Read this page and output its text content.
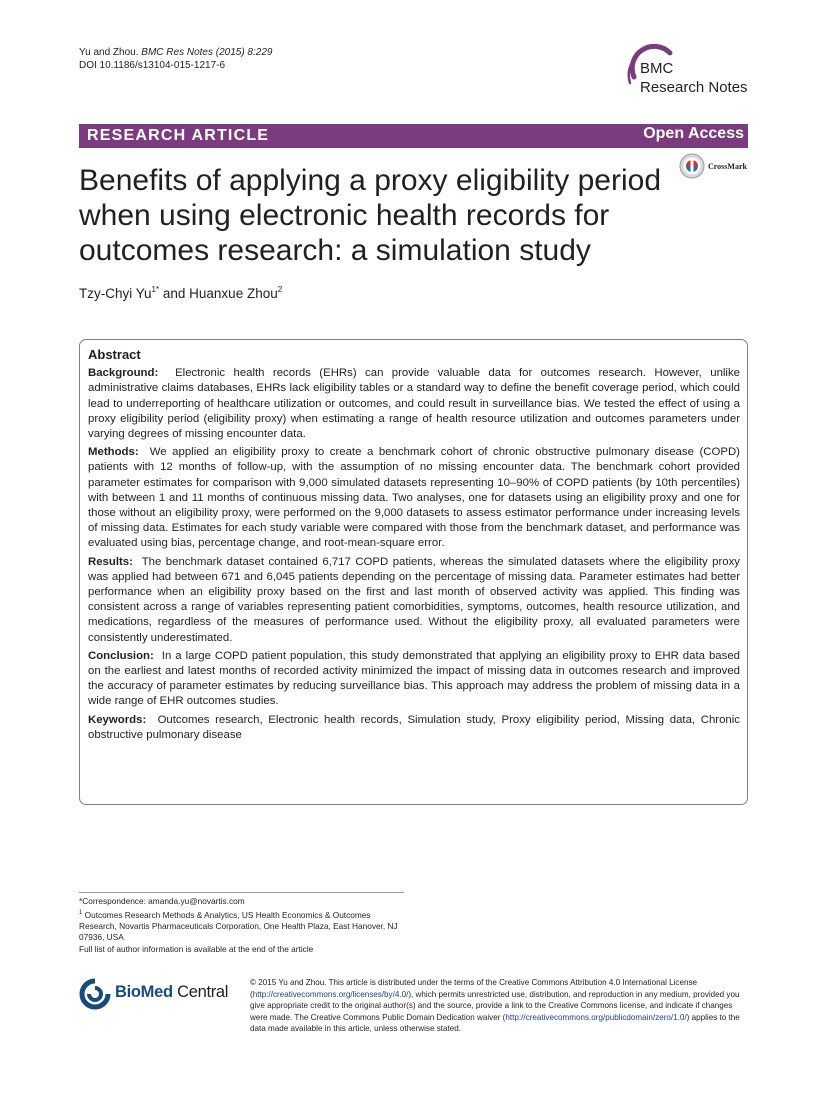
Yu and Zhou. BMC Res Notes (2015) 8:229
DOI 10.1186/s13104-015-1217-6	BMC
Research Notes
RESEARCH ARTICLE	Open Access
CrossMark
Benefits of applying a proxy eligibility period when using electronic health records for outcomes research: a simulation study
Tzy-Chyi $Yu^{1*}$ and Huanxue Zhou$^2$
Abstract

Background: Electronic health records (EHRs) can provide valuable data for outcomes research. However, unlike administrative claims databases, EHRs lack eligibility tables or a standard way to define the benefit coverage period, which could lead to underreporting of healthcare utilization or outcomes, and could result in surveillance bias. We tested the effect of using a proxy eligibility period (eligibility proxy) when estimating a range of health resource utilization and outcomes parameters under varying degrees of missing encounter data.

Methods: We applied an eligibility proxy to create a benchmark cohort of chronic obstructive pulmonary disease (COPD) patients with 12 months of follow-up, with the assumption of no missing encounter data. The benchmark cohort provided parameter estimates for comparison with 9,000 simulated datasets representing 10–90% of COPD patients (by 10th percentiles) with between 1 and 11 months of continuous missing data. Two analyses, one for datasets using an eligibility proxy and one for those without an eligibility proxy, were performed on the 9,000 datasets to assess estimator performance under increasing levels of missing data. Estimates for each study variable were compared with those from the benchmark dataset, and performance was evaluated using bias, percentage change, and root-mean-square error.

Results: The benchmark dataset contained 6,717 COPD patients, whereas the simulated datasets where the eligibility proxy was applied had between 671 and 6,045 patients depending on the percentage of missing data. Parameter estimates had better performance when an eligibility proxy based on the first and last month of observed activity was applied. This finding was consistent across a range of variables representing patient comorbidities, symptoms, outcomes, health resource utilization, and medications, regardless of the measures of performance used. Without the eligibility proxy, all evaluated parameters were consistently underestimated.

Conclusion: In a large COPD patient population, this study demonstrated that applying an eligibility proxy to EHR data based on the earliest and latest months of recorded activity minimized the impact of missing data in outcomes research and improved the accuracy of parameter estimates by reducing surveillance bias. This approach may address the problem of missing data in a wide range of EHR outcomes studies.

Keywords: Outcomes research, Electronic health records, Simulation study, Proxy eligibility period, Missing data, Chronic obstructive pulmonary disease

*Correspondence: amanda.yu@novartis.com
$^1$ Outcomes Research Methods & Analytics, US Health Economics & Outcomes Research, Novartis Pharmaceuticals Corporation, One Health Plaza, East Hanover, NJ 07936, USA
Full list of author information is available at the end of the article
BioMed Central
© 2015 Yu and Zhou. This article is distributed under the terms of the Creative Commons Attribution 4.0 International License (http://creativecommons.org/licenses/by/4.0/), which permits unrestricted use, distribution, and reproduction in any medium, provided you give appropriate credit to the original author(s) and the source, provide a link to the Creative Commons license, and indicate if changes were made. The Creative Commons Public Domain Dedication waiver (http://creativecommons.org/publicdomain/zero/1.0/) applies to the data made available in this article, unless otherwise stated.
